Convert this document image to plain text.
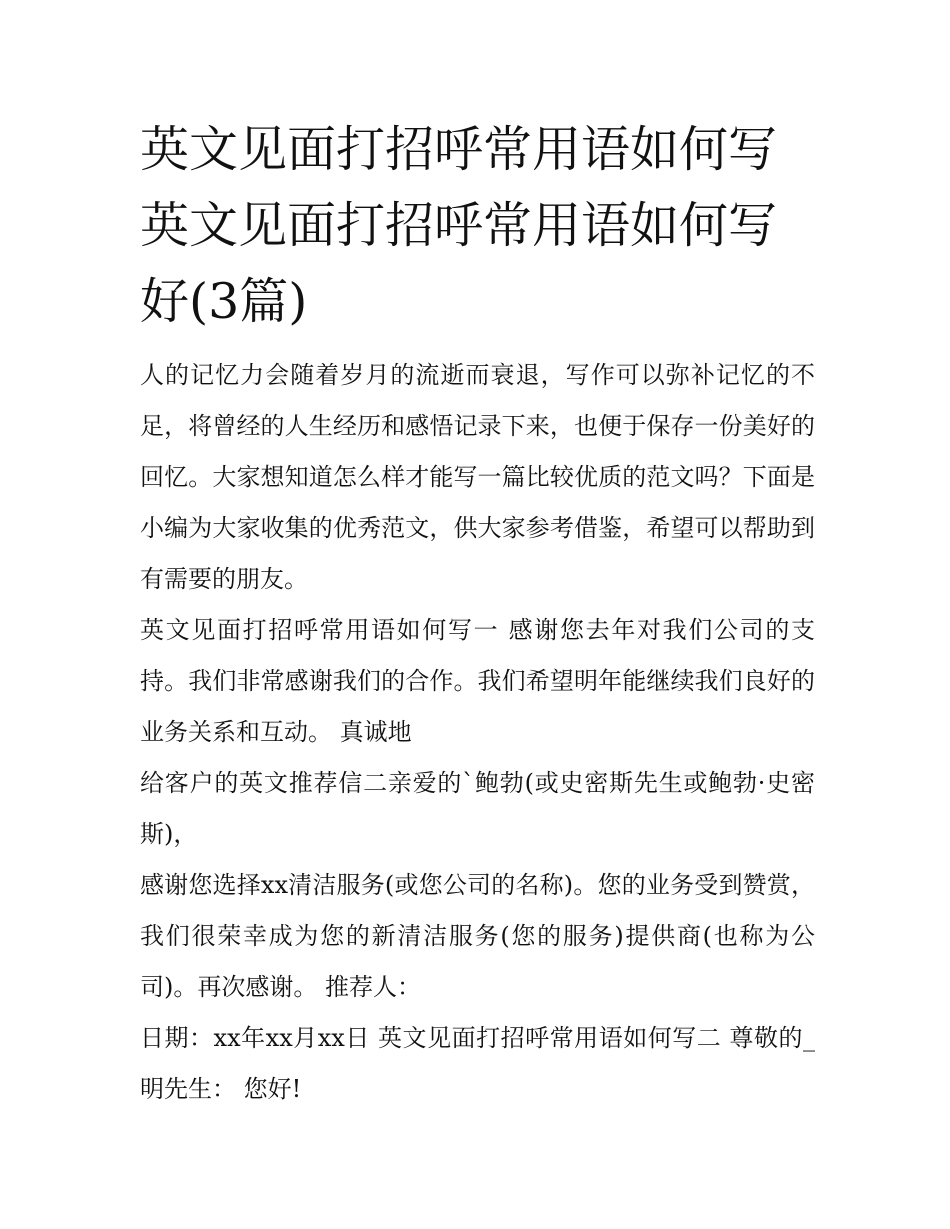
英文见面打招呼常用语如何写 英文见面打招呼常用语如何写好(3篇)

人的记忆力会随着岁月的流逝而衰退，写作可以弥补记忆的不足，将曾经的人生经历和感悟记录下来，也便于保存一份美好的回忆。大家想知道怎么样才能写一篇比较优质的范文吗？下面是小编为大家收集的优秀范文，供大家参考借鉴，希望可以帮助到有需要的朋友。

英文见面打招呼常用语如何写一 感谢您去年对我们公司的支持。我们非常感谢我们的合作。我们希望明年能继续我们良好的业务关系和互动。 真诚地

给客户的英文推荐信二亲爱的`鲍勃(或史密斯先生或鲍勃·史密斯)，

感谢您选择xx清洁服务(或您公司的名称)。您的业务受到赞赏，我们很荣幸成为您的新清洁服务(您的服务)提供商(也称为公司)。再次感谢。 推荐人：

日期：xx年xx月xx日 英文见面打招呼常用语如何写二 尊敬的_明先生： 您好!
